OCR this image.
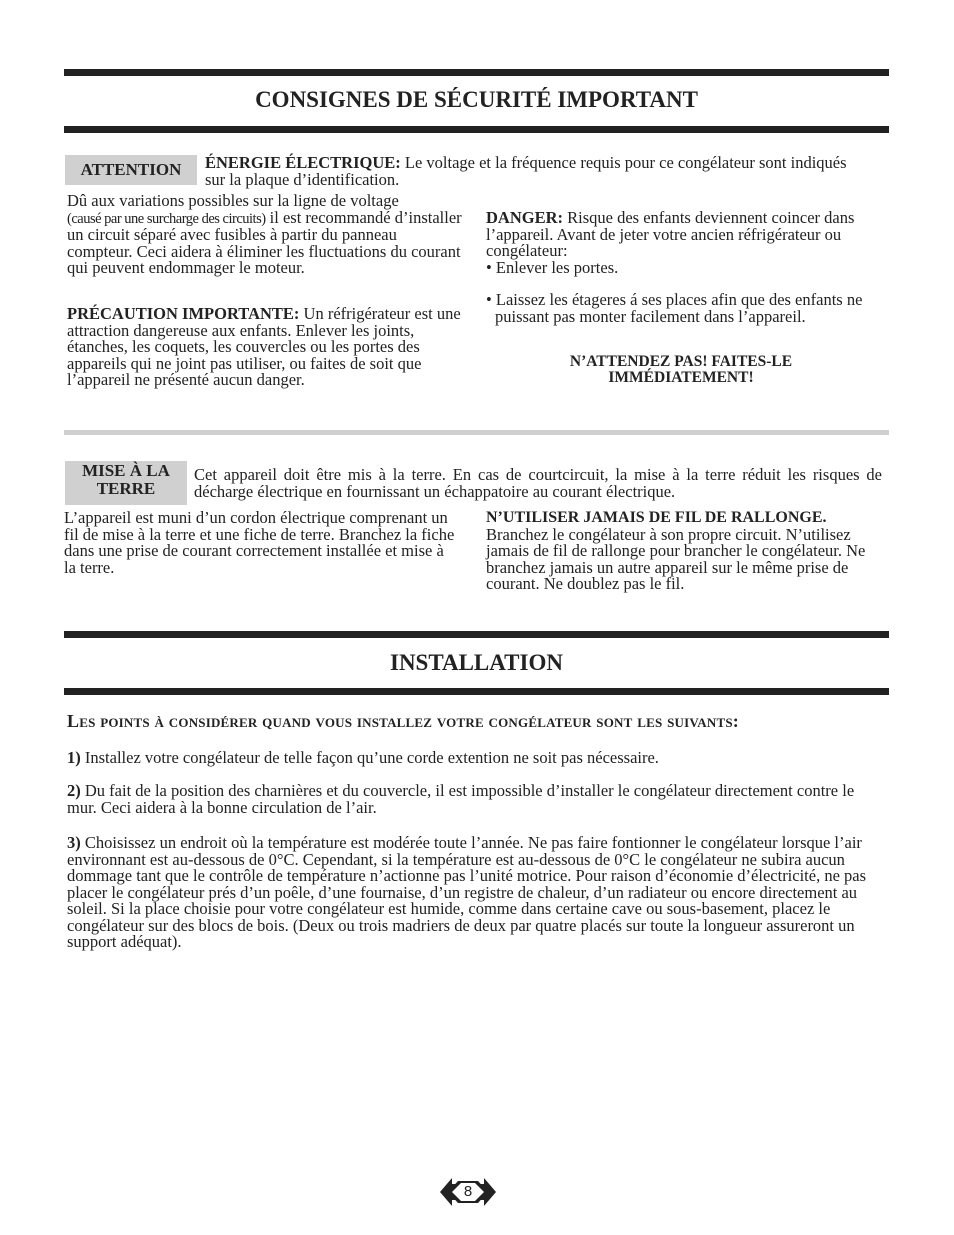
CONSIGNES DE SÉCURITÉ IMPORTANT
ATTENTION	ÉNERGIE ÉLECTRIQUE: Le voltage et la fréquence requis pour ce congélateur sont indiqués sur la plaque d’identification.

Dû aux variations possibles sur la ligne de voltage
(causé par une surcharge des circuits) il est recommandé d’installer un circuit séparé avec fusibles à partir du panneau compteur. Ceci aidera à éliminer les fluctuations du courant qui peuvent endommager le moteur.

PRÉCAUTION IMPORTANTE: Un réfrigérateur est une attraction dangereuse aux enfants. Enlever les joints, étanches, les coquets, les couvercles ou les portes des appareils qui ne joint pas utiliser, ou faites de soit que l’appareil ne présenté aucun danger.

DANGER: Risque des enfants deviennent coincer dans l’appareil. Avant de jeter votre ancien réfrigérateur ou congélateur:

• Enlever les portes.

• Laissez les étageres á ses places afin que des enfants ne puissant pas monter facilement dans l’appareil.

N’ATTENDEZ PAS! FAITES-LE IMMÉDIATEMENT!
MISE À LA TERRE
Cet appareil doit être mis à la terre. En cas de courtcircuit, la mise à la terre réduit les risques de décharge électrique en fournissant un échappatoire au courant électrique.
L’appareil est muni d’un cordon électrique comprenant un fil de mise à la terre et une fiche de terre. Branchez la fiche dans une prise de courant correctement installée et mise à la terre.

N’UTILISER JAMAIS DE FIL DE RALLONGE.

Branchez le congélateur à son propre circuit. N’utilisez jamais de fil de rallonge pour brancher le congélateur. Ne branchez jamais un autre appareil sur le même prise de courant. Ne doublez pas le fil.

INSTALLATION
Les points à considérer quand vous installez votre congélateur sont les suivants:

1) Installez votre congélateur de telle façon qu’une corde extention ne soit pas nécessaire.

2) Du fait de la position des charnières et du couvercle, il est impossible d’installer le congélateur directement contre le mur. Ceci aidera à la bonne circulation de l’air.

3) Choisissez un endroit où la température est modérée toute l’année. Ne pas faire fontionner le congélateur lorsque l’air environnant est au-dessous de 0°C. Cependant, si la température est au-dessous de 0°C le congélateur ne subira aucun dommage tant que le contrôle de température n’actionne pas l’unité motrice. Pour raison d’économie d’électricité, ne pas placer le congélateur prés d’un poêle, d’une fournaise, d’un registre de chaleur, d’un radiateur ou encore directement au soleil. Si la place choisie pour votre congélateur est humide, comme dans certaine cave ou sous-basement, placez le congélateur sur des blocs de bois. (Deux ou trois madriers de deux par quatre placés sur toute la longueur assureront un support adéquat).

8
